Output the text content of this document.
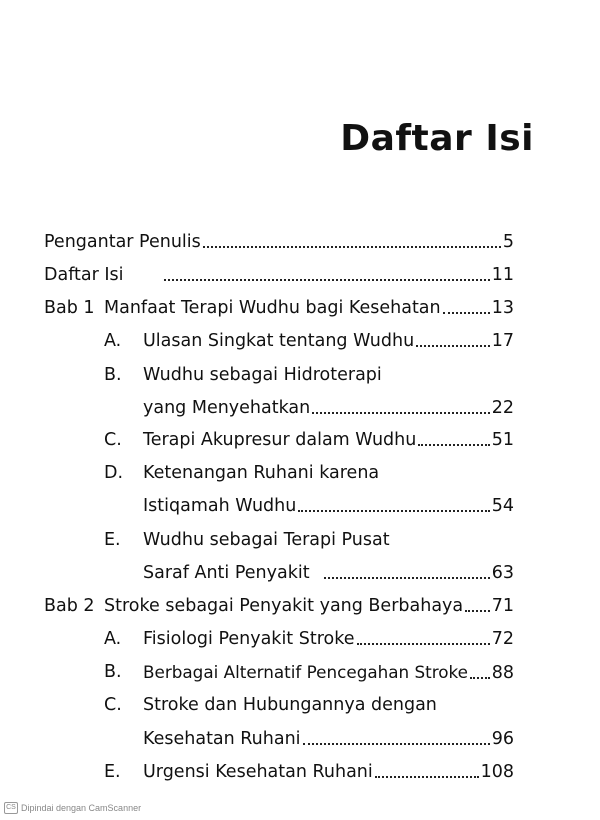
Daftar Isi
Pengantar Penulis	5
Daftar Isi	11
Bab 1 Manfaat Terapi Wudhu bagi Kesehatan	13
A. Ulasan Singkat tentang Wudhu	17
B. Wudhu sebagai Hidroterapi
yang Menyehatkan	22
C. Terapi Akupresur dalam Wudhu	51
D. Ketenangan Ruhani karena
Istiqamah Wudhu	54
E. Wudhu sebagai Terapi Pusat
Saraf Anti Penyakit	63
Bab 2 Stroke sebagai Penyakit yang Berbahaya 71
A. Fisiologi Penyakit Stroke	72
B. Berbagai Alternatif Pencegahan Stroke 88
C. Stroke dan Hubungannya dengan
Kesehatan Ruhani	96
E. Urgensi Kesehatan Ruhani	108
CS Dipindai dengan CamScanner
